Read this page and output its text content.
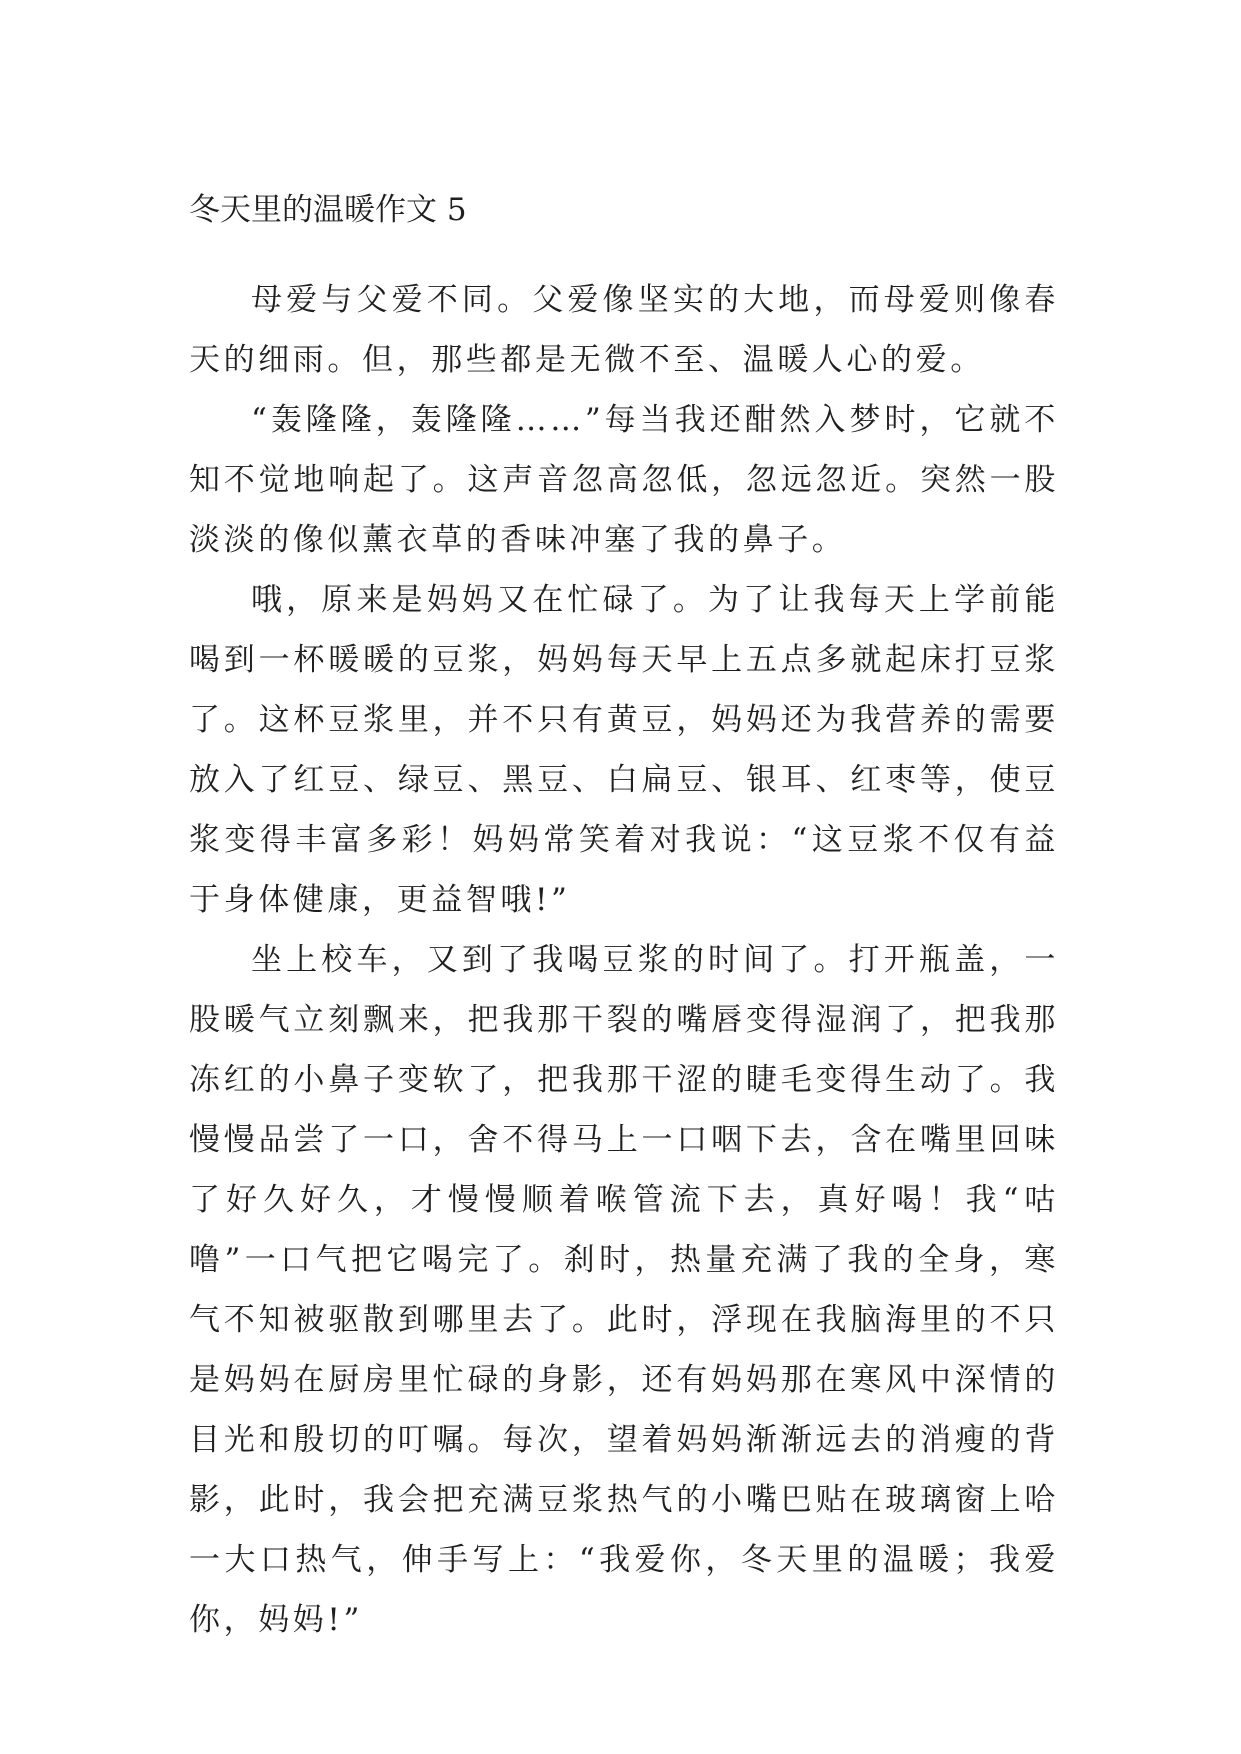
冬天里的温暖作文 5

母爱与父爱不同。父爱像坚实的大地，而母爱则像春天的细雨。但，那些都是无微不至、温暖人心的爱。

“轰隆隆，轰隆隆……”每当我还酣然入梦时，它就不知不觉地响起了。这声音忽高忽低，忽远忽近。突然一股淡淡的像似薰衣草的香味冲塞了我的鼻子。

哦，原来是妈妈又在忙碌了。为了让我每天上学前能喝到一杯暖暖的豆浆，妈妈每天早上五点多就起床打豆浆了。这杯豆浆里，并不只有黄豆，妈妈还为我营养的需要放入了红豆、绿豆、黑豆、白扁豆、银耳、红枣等，使豆浆变得丰富多彩！妈妈常笑着对我说：“这豆浆不仅有益于身体健康，更益智哦!”

坐上校车，又到了我喝豆浆的时间了。打开瓶盖，一股暖气立刻飘来，把我那干裂的嘴唇变得湿润了，把我那冻红的小鼻子变软了，把我那干涩的睫毛变得生动了。我慢慢品尝了一口，舍不得马上一口咽下去，含在嘴里回味了好久好久，才慢慢顺着喉管流下去，真好喝！我“咕噜”一口气把它喝完了。刹时，热量充满了我的全身，寒气不知被驱散到哪里去了。此时，浮现在我脑海里的不只是妈妈在厨房里忙碌的身影，还有妈妈那在寒风中深情的目光和殷切的叮嘱。每次，望着妈妈渐渐远去的消瘦的背影，此时，我会把充满豆浆热气的小嘴巴贴在玻璃窗上哈一大口热气，伸手写上：“我爱你，冬天里的温暖；我爱你，妈妈!”
